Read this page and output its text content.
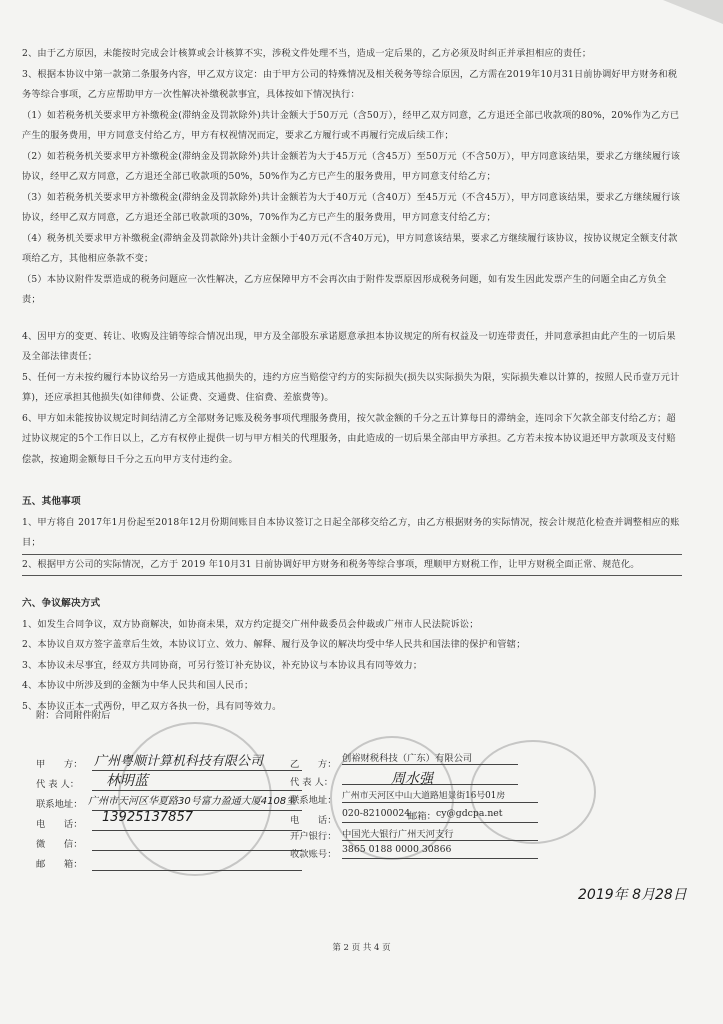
2、由于乙方原因，未能按时完成会计核算或会计核算不实，涉税文件处理不当，造成一定后果的，乙方必须及时纠正并承担相应的责任；

3、根据本协议中第一款第二条服务内容，甲乙双方议定：由于甲方公司的特殊情况及相关税务等综合原因，乙方需在2019年10月31日前协调好甲方财务和税务等综合事项，乙方应帮助甲方一次性解决补缴税款事宜，具体按如下情况执行：

（1）如若税务机关要求甲方补缴税金(滞纳金及罚款除外)共计金额大于50万元（含50万），经甲乙双方同意，乙方退还全部已收款项的80%，20%作为乙方已产生的服务费用，甲方同意支付给乙方，甲方有权视情况而定，要求乙方履行或不再履行完成后续工作；

（2）如若税务机关要求甲方补缴税金(滞纳金及罚款除外)共计金额若为大于45万元（含45万）至50万元（不含50万），甲方同意该结果，要求乙方继续履行该协议，经甲乙双方同意，乙方退还全部已收款项的50%，50%作为乙方已产生的服务费用，甲方同意支付给乙方；

（3）如若税务机关要求甲方补缴税金(滞纳金及罚款除外)共计金额若为大于40万元（含40万）至45万元（不含45万），甲方同意该结果，要求乙方继续履行该协议，经甲乙双方同意，乙方退还全部已收款项的30%，70%作为乙方已产生的服务费用，甲方同意支付给乙方；

（4）税务机关要求甲方补缴税金(滞纳金及罚款除外)共计金额小于40万元(不含40万元)，甲方同意该结果，要求乙方继续履行该协议，按协议规定全额支付款项给乙方，其他相应条款不变；

（5）本协议附件发票造成的税务问题应一次性解决，乙方应保障甲方不会再次由于附件发票原因形成税务问题，如有发生因此发票产生的问题全由乙方负全责；

4、因甲方的变更、转让、收购及注销等综合情况出现，甲方及全部股东承诺愿意承担本协议规定的所有权益及一切连带责任，并同意承担由此产生的一切后果及全部法律责任；

5、任何一方未按约履行本协议给另一方造成其他损失的，违约方应当赔偿守约方的实际损失(损失以实际损失为限，实际损失难以计算的，按照人民币壹万元计算)，还应承担其他损失(如律师费、公证费、交通费、住宿费、差旅费等)。

6、甲方如未能按协议规定时间结清乙方全部财务记账及税务事项代理服务费用，按欠款金额的千分之五计算每日的滞纳金，连同余下欠款全部支付给乙方；超过协议规定的5个工作日以上，乙方有权停止提供一切与甲方相关的代理服务，由此造成的一切后果全部由甲方承担。乙方若未按本协议退还甲方款项及支付赔偿款，按逾期金额每日千分之五向甲方支付违约金。

五、其他事项

1、甲方将自 2017年1月份起至2018年12月份期间账目自本协议签订之日起全部移交给乙方，由乙方根据财务的实际情况，按会计规范化检查并调整相应的账目；

2、根据甲方公司的实际情况，乙方于 2019 年10月31 日前协调好甲方财务和税务等综合事项，理顺甲方财税工作，让甲方财税全面正常、规范化。

六、争议解决方式

1、如发生合同争议，双方协商解决，如协商未果，双方约定提交广州仲裁委员会仲裁或广州市人民法院诉讼；

2、本协议自双方签字盖章后生效，本协议订立、效力、解释、履行及争议的解决均受中华人民共和国法律的保护和管辖；

3、本协议未尽事宜，经双方共同协商，可另行签订补充协议，补充协议与本协议具有同等效力；

4、本协议中所涉及到的金额为中华人民共和国人民币；

5、本协议正本一式两份，甲乙双方各执一份，具有同等效力。

附：合同附件附后
甲　　方： 广州粤顺计算机科技有限公司
代 表 人： 林明蓝
联系地址： 广州市天河区华夏路30号富力盈通大厦4108室
电　　话： 13925137857
微　　信：
邮　　箱：
乙　　方：
创裕财税科技（广东）有限公司
代 表 人：	周水强
联系地址： 广州市天河区中山大道路旭景街16号01房
电　　话：
020-82100024
邮箱： cy@gdcpa.net
开户银行： 中国光大银行广州天河支行
收款账号： 3865 0188 0000 30866
2019年 8月28日
第 2 页 共 4 页
